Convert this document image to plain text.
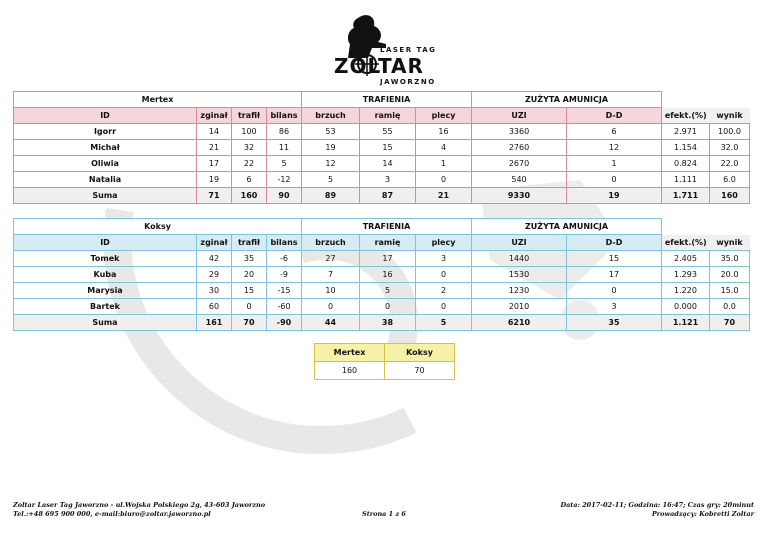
LASER TAG
ZOLTAR
JAWORZNO
Mertex				TRAFIENIA			ZUŻYTA AMUNICJA			
ID	zginał	trafił	bilans	brzuch	ramię	plecy	UZI	D-D	efekt.(%)	wynik
Igorr	14	100	86	53	55	16	3360	6	2.971	100.0
Michał	21	32	11	19	15	4	2760	12	1.154	32.0
Oliwia	17	22	5	12	14	1	2670	1	0.824	22.0
Natalia	19	6	-12	5	3	0	540	0	1.111	6.0
Suma	71	160	90	89	87	21	9330	19	1.711	160
Koksy				TRAFIENIA			ZUŻYTA AMUNICJA			
ID	zginał	trafił	bilans	brzuch	ramię	plecy	UZI	D-D	efekt.(%)	wynik
Tomek	42	35	-6	27	17	3	1440	15	2.405	35.0
Kuba	29	20	-9	7	16	0	1530	17	1.293	20.0
Marysia	30	15	-15	10	5	2	1230	0	1.220	15.0
Bartek	60	0	-60	0	0	0	2010	3	0.000	0.0
Suma	161	70	-90	44	38	5	6210	35	1.121	70
Mertex	Koksy
160	70
Zoltar Laser Tag Jaworzno - ul.Wojska Polskiego 2g, 43-603 Jaworzno
Tel.:+48 695 900 000, e-mail:biuro@zoltar.jaworzno.pl	Strona 1 z 6
Data: 2017-02-11; Godzina: 16:47; Czas gry: 20minut
Prowadzący: Kobretti Zoltar
